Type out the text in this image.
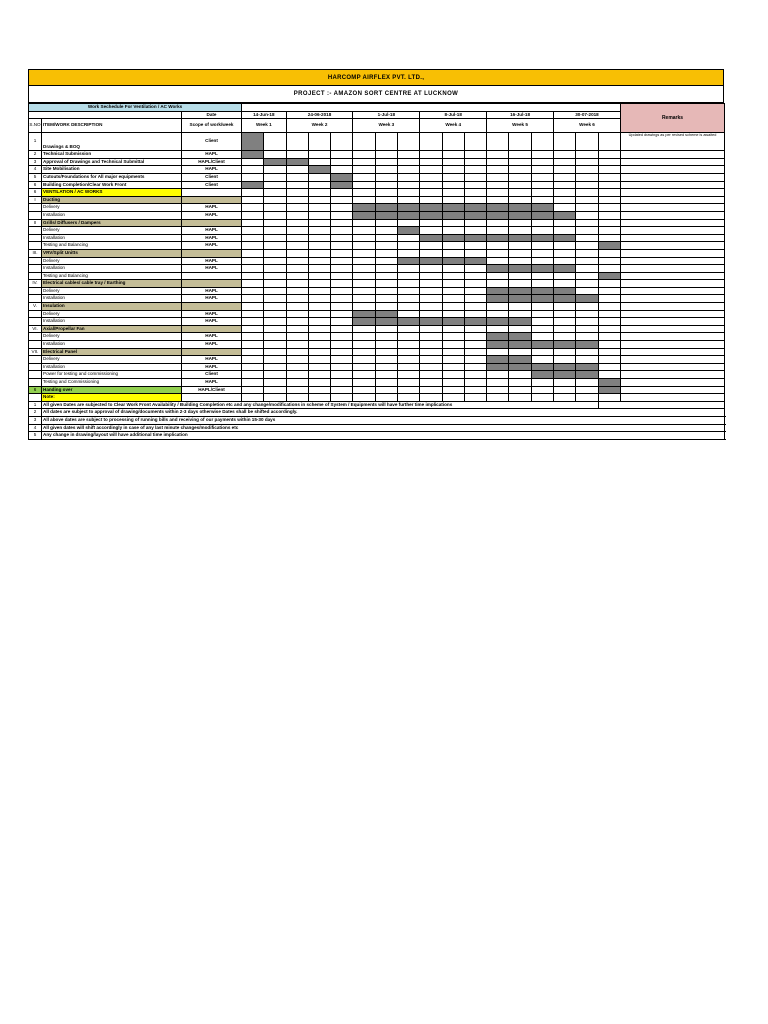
HARCOMP AIRFLEX PVT. LTD.,
PROJECT :- AMAZON SORT CENTRE AT LUCKNOW
Work Sechedule For Ventilation / AC Works																				Remarks	
		Date	14-Jun-18		24-06-2018			1-Jul-18			8-Jul-18			16-Jul-18			30-07-2018				
S.NO	ITEM/WORK DESCRIPTION	Scope of work/week	Week 1		Week 2			Week 3			Week 4			Week 5			Week 6				
1	Drawings & BOQ	Client																		Updated drawings as per revised scheme is awaited	
2	Technical Submission	HAPL																			
3	Approval of Drawings and Technical Submittal	HAPL/Client																			
4	Site Mobilisation	HAPL																			
5	Cutouts/Foundations for All major equipments	Client																			
6	Building Completion/Clear Work Front	Client																			
6	VENTILATION / AC WORKS																				
I	Ducting																				
	Delivery	HAPL																			
	Installation	HAPL																			
II	Grills/ Diffusers / Dampers																				
	Delivery	HAPL																			
	Installation	HAPL																			
	Testing and Balancing	HAPL																			
III.	VRV/Split Unitts																				
	Delivery	HAPL																			
	Installation	HAPL																			
	Testing and Balancing																				
IV.	Electrical cables/ cable tray / Earthing																				
	Delivery	HAPL																			
	Installation	HAPL																			
V.	Insulation																				
	Delivery	HAPL																			
	Installation	HAPL																			
VI.	Axial/Propellar Fan																				
	Delivery	HAPL																			
	Installation	HAPL																			
VII.	Electrical Panel																				
	Delivery	HAPL																			
	Installation	HAPL																			
	Power for testing and commissioning	Client																			
	Testing and Commissioning	HAPL																			
6	Handing over	HAPL/Client																			
	Note:																				
1	All given Dates are subjected to Clear Work Front Availability / Building Completion etc and any change/modifications in scheme of System / Equipments will have further time implications																				
2	All dates are subject to approval of drawing/documents within 2-3 days otherwise Dates shall be shifted accordingly.																				
3	All above dates are subject to processing of running bills and receiving of our payments within 15-30 days																				
4	All given dates will shift accordingly in case of any last minute changes/modifications etc																				
5	Any change in drawing/layout will have additional time implication																				
